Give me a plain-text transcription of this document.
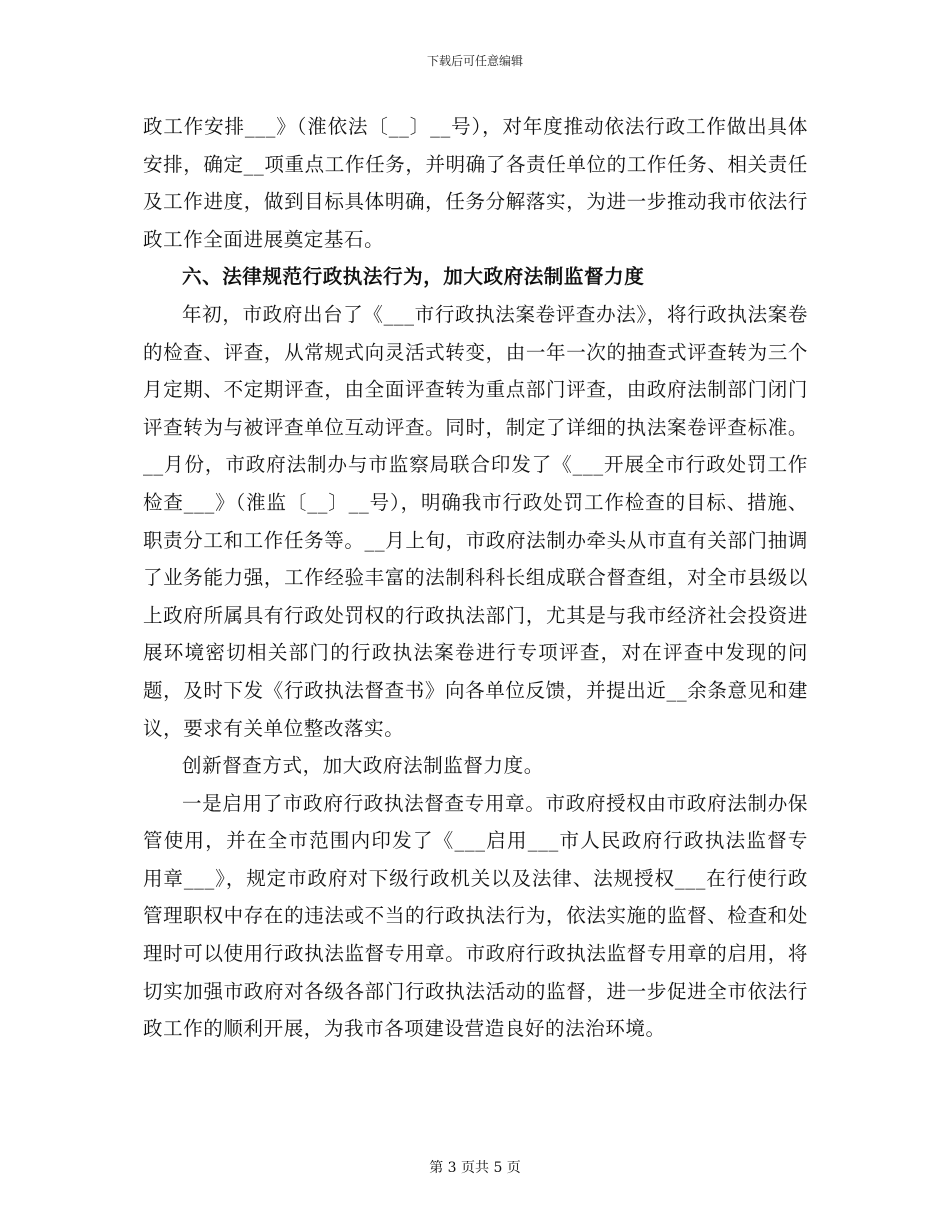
下载后可任意编辑

政工作安排___》（淮依法〔__〕__号），对年度推动依法行政工作做出具体安排，确定__项重点工作任务，并明确了各责任单位的工作任务、相关责任及工作进度，做到目标具体明确，任务分解落实，为进一步推动我市依法行政工作全面进展奠定基石。

六、法律规范行政执法行为，加大政府法制监督力度

年初，市政府出台了《___市行政执法案卷评查办法》，将行政执法案卷的检查、评查，从常规式向灵活式转变，由一年一次的抽查式评查转为三个月定期、不定期评查，由全面评查转为重点部门评查，由政府法制部门闭门评查转为与被评查单位互动评查。同时，制定了详细的执法案卷评查标准。__月份，市政府法制办与市监察局联合印发了《___开展全市行政处罚工作检查___》（淮监〔__〕__号），明确我市行政处罚工作检查的目标、措施、职责分工和工作任务等。__月上旬，市政府法制办牵头从市直有关部门抽调了业务能力强，工作经验丰富的法制科科长组成联合督查组，对全市县级以上政府所属具有行政处罚权的行政执法部门，尤其是与我市经济社会投资进展环境密切相关部门的行政执法案卷进行专项评查，对在评查中发现的问题，及时下发《行政执法督查书》向各单位反馈，并提出近__余条意见和建议，要求有关单位整改落实。

创新督查方式，加大政府法制监督力度。

一是启用了市政府行政执法督查专用章。市政府授权由市政府法制办保管使用，并在全市范围内印发了《___启用___市人民政府行政执法监督专用章___》，规定市政府对下级行政机关以及法律、法规授权___在行使行政管理职权中存在的违法或不当的行政执法行为，依法实施的监督、检查和处理时可以使用行政执法监督专用章。市政府行政执法监督专用章的启用，将切实加强市政府对各级各部门行政执法活动的监督，进一步促进全市依法行政工作的顺利开展，为我市各项建设营造良好的法治环境。

第 3 页共 5 页
